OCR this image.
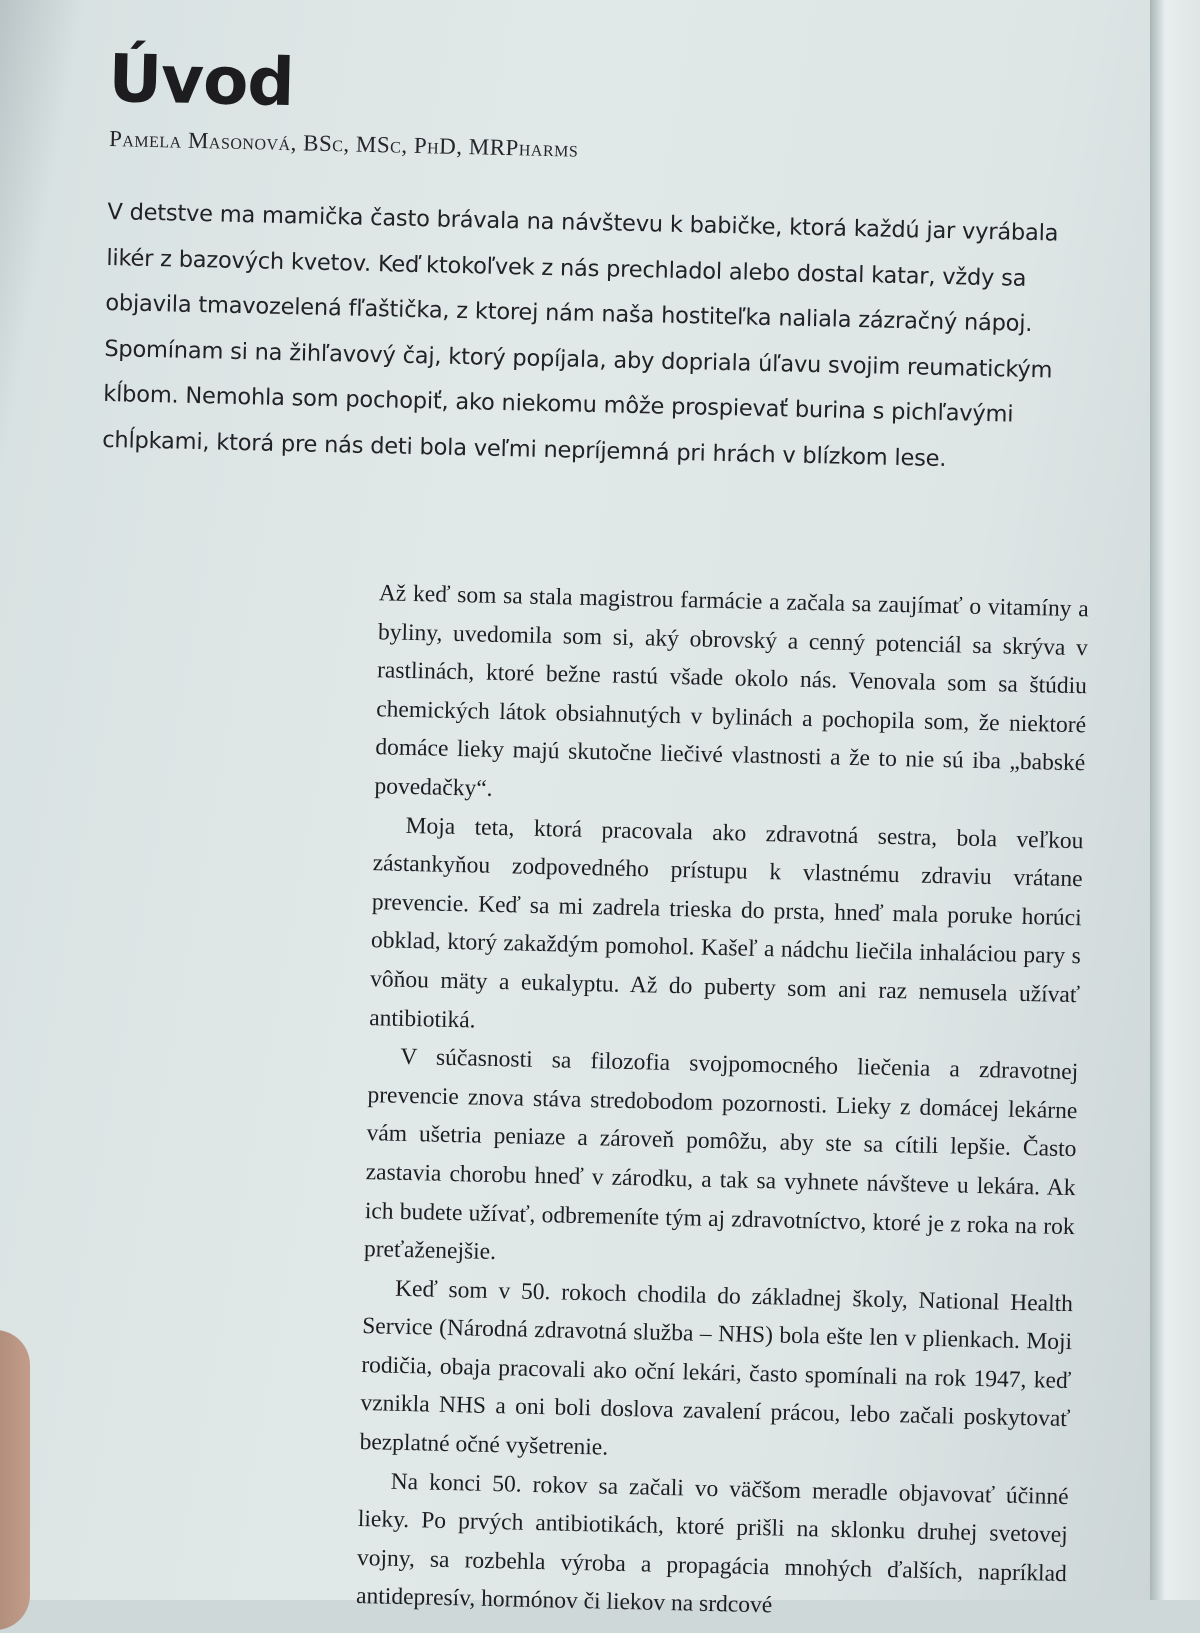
Úvod

Pamela Masonová, BSc, MSc, PhD, MRPharms

V detstve ma mamička často brávala na návštevu k babičke, ktorá každú jar vyrábala likér z bazových kvetov. Keď ktokoľvek z nás prechladol alebo dostal katar, vždy sa objavila tmavozelená fľaštička, z ktorej nám naša hostiteľka naliala zázračný nápoj. Spomínam si na žihľavový čaj, ktorý popíjala, aby dopriala úľavu svojim reumatickým kĺbom. Nemohla som pochopiť, ako niekomu môže prospievať burina s pichľavými chĺpkami, ktorá pre nás deti bola veľmi nepríjemná pri hrách v blízkom lese.

Až keď som sa stala magistrou farmácie a začala sa zaujímať o vitamíny a byliny, uvedomila som si, aký obrovský a cenný potenciál sa skrýva v rastlinách, ktoré bežne rastú všade okolo nás. Venovala som sa štúdiu chemických látok obsiahnutých v bylinách a pochopila som, že niektoré domáce lieky majú skutočne liečivé vlastnosti a že to nie sú iba „babské povedačky“.

Moja teta, ktorá pracovala ako zdravotná sestra, bola veľkou zástankyňou zodpovedného prístupu k vlastnému zdraviu vrátane prevencie. Keď sa mi zadrela trieska do prsta, hneď mala poruke horúci obklad, ktorý zakaždým pomohol. Kašeľ a nádchu liečila inhaláciou pary s vôňou mäty a eukalyptu. Až do puberty som ani raz nemusela užívať antibiotiká.

V súčasnosti sa filozofia svojpomocného liečenia a zdravotnej prevencie znova stáva stredobodom pozornosti. Lieky z domácej lekárne vám ušetria peniaze a zároveň pomôžu, aby ste sa cítili lepšie. Často zastavia chorobu hneď v zárodku, a tak sa vyhnete návšteve u lekára. Ak ich budete užívať, odbremeníte tým aj zdravotníctvo, ktoré je z roka na rok preťaženejšie.

Keď som v 50. rokoch chodila do základnej školy, National Health Service (Národná zdravotná služba – NHS) bola ešte len v plienkach. Moji rodičia, obaja pracovali ako oční lekári, často spomínali na rok 1947, keď vznikla NHS a oni boli doslova zavalení prácou, lebo začali poskytovať bezplatné očné vyšetrenie.

Na konci 50. rokov sa začali vo väčšom meradle objavovať účinné lieky. Po prvých antibiotikách, ktoré prišli na sklonku druhej svetovej vojny, sa rozbehla výroba a propagácia mnohých ďalších, napríklad antidepresív, hormónov či liekov na srdcové
